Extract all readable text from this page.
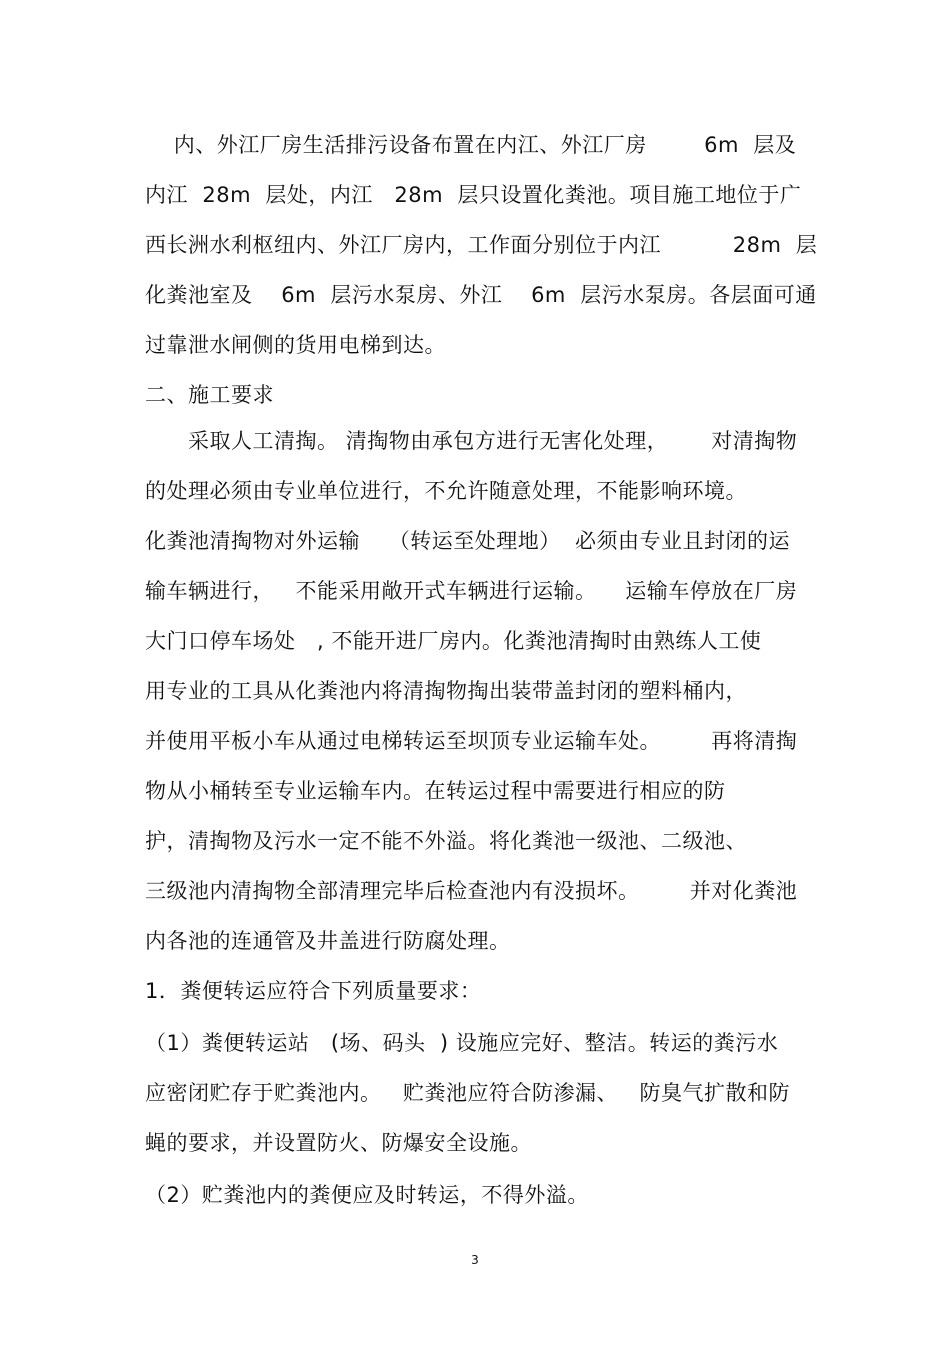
内、外江厂房生活排污设备布置在内江、外江厂房        6m  层及
内江  28m  层处，内江   28m  层只设置化粪池。项目施工地位于广
西长洲水利枢纽内、外江厂房内，工作面分别位于内江          28m  层
化粪池室及    6m  层污水泵房、外江    6m  层污水泵房。各层面可通
过靠泄水闸侧的货用电梯到达。
二、施工要求
采取人工清掏。 清掏物由承包方进行无害化处理，      对清掏物
的处理必须由专业单位进行，不允许随意处理，不能影响环境。
化粪池清掏物对外运输    （转运至处理地）  必须由专业且封闭的运
输车辆进行，   不能采用敞开式车辆进行运输。    运输车停放在厂房
大门口停车场处   , 不能开进厂房内。化粪池清掏时由熟练人工使
用专业的工具从化粪池内将清掏物掏出装带盖封闭的塑料桶内，
并使用平板小车从通过电梯转运至坝顶专业运输车处。       再将清掏
物从小桶转至专业运输车内。在转运过程中需要进行相应的防
护，清掏物及污水一定不能不外溢。将化粪池一级池、二级池、
三级池内清掏物全部清理完毕后检查池内有没损坏。       并对化粪池
内各池的连通管及井盖进行防腐处理。
1．粪便转运应符合下列质量要求：
（1）粪便转运站   (场、码头  ) 设施应完好、整洁。转运的粪污水
应密闭贮存于贮粪池内。   贮粪池应符合防渗漏、   防臭气扩散和防
蝇的要求，并设置防火、防爆安全设施。
（2）贮粪池内的粪便应及时转运，不得外溢。
3
